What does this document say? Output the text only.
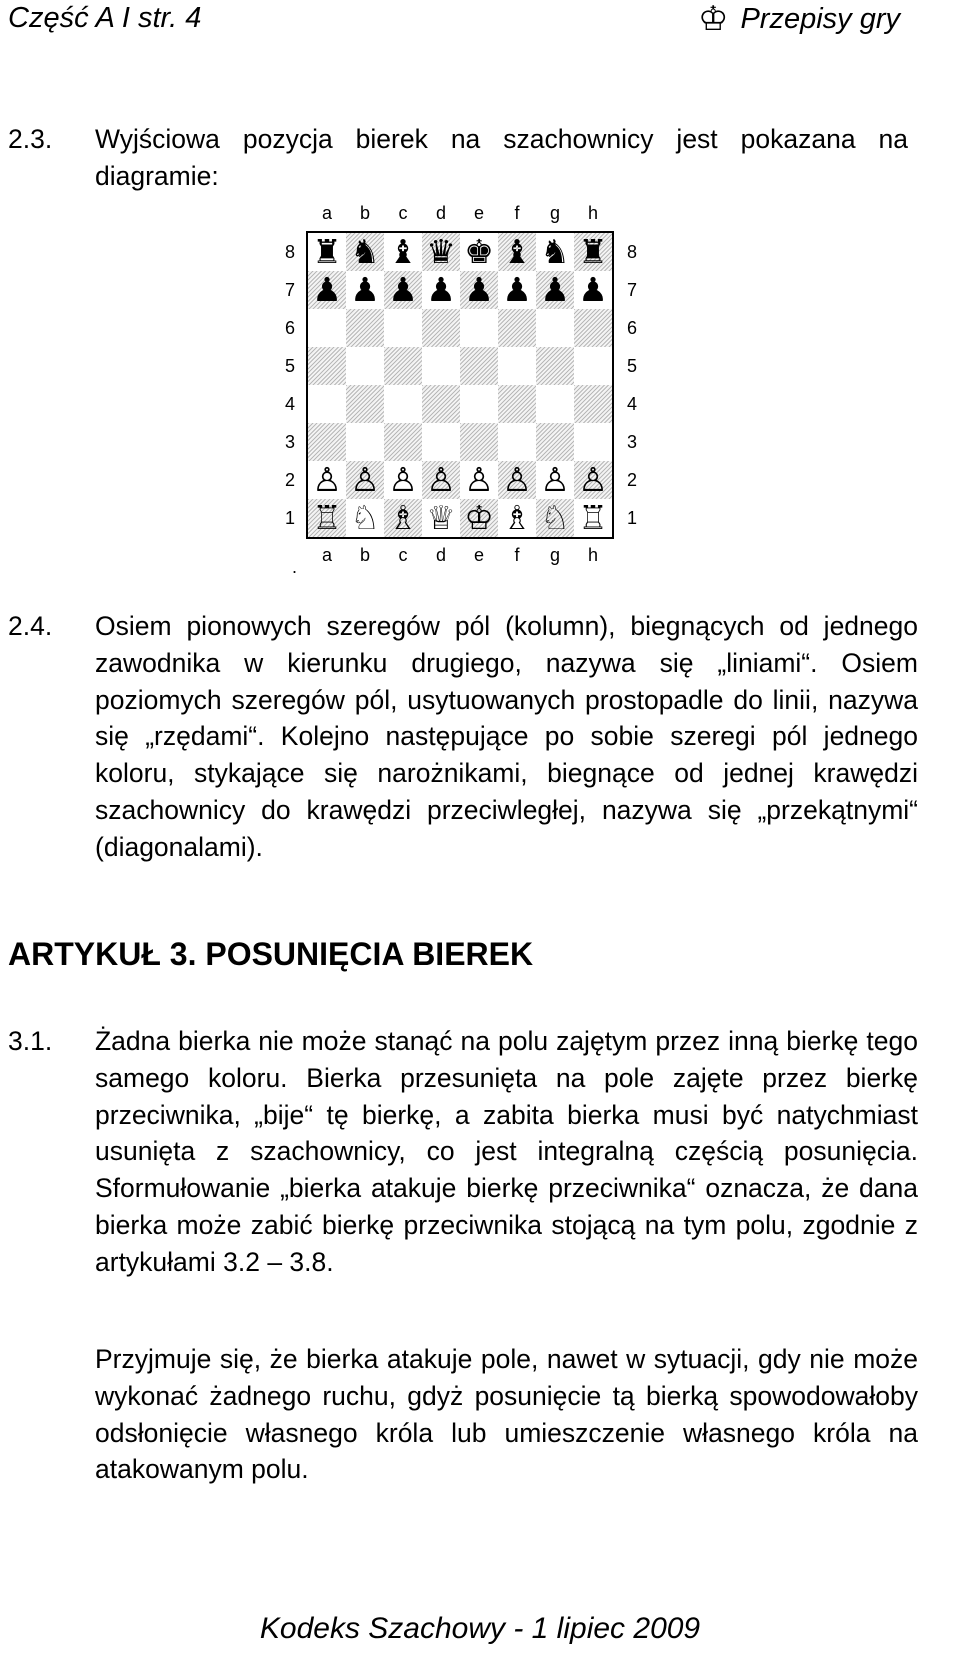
Część A I str. 4	♔ Przepisy gry
2.3. Wyjściowa pozycja bierek na szachownicy jest pokazana na diagramie:
♜ ♞ ♝ ♛ ♚ ♝ ♞ ♜
♟ ♟ ♟ ♟ ♟ ♟ ♟ ♟
♙ ♙ ♙ ♙ ♙ ♙ ♙ ♙
♖ ♘ ♗ ♕ ♔ ♗ ♘ ♖
.
a
a
b
b
c
c
d
d
e
e
f
f
g
g
h
h
8	8
7	7
6	6
5	5
4	4
3	3
2	2
1	1
2.4. Osiem pionowych szeregów pól (kolumn), biegnących od jednego zawodnika w kierunku drugiego, nazywa się „liniami“. Osiem poziomych szeregów pól, usytuowanych prostopadle do linii, nazywa się „rzędami“. Kolejno następujące po sobie szeregi pól jednego koloru, stykające się narożnikami, biegnące od jednej krawędzi szachownicy do krawędzi przeciwległej, nazywa się „przekątnymi“ (diagonalami).
ARTYKUŁ 3. POSUNIĘCIA BIEREK
3.1. Żadna bierka nie może stanąć na polu zajętym przez inną bierkę tego samego koloru. Bierka przesunięta na pole zajęte przez bierkę przeciwnika, „bije“ tę bierkę, a zabita bierka musi być natychmiast usunięta z szachownicy, co jest integralną częścią posunięcia. Sformułowanie „bierka atakuje bierkę przeciwnika“ oznacza, że dana bierka może zabić bierkę przeciwnika stojącą na tym polu, zgodnie z artykułami 3.2 – 3.8.
Przyjmuje się, że bierka atakuje pole, nawet w sytuacji, gdy nie może wykonać żadnego ruchu, gdyż posunięcie tą bierką spowodowałoby odsłonięcie własnego króla lub umieszczenie własnego króla na atakowanym polu.
Kodeks Szachowy - 1 lipiec 2009
